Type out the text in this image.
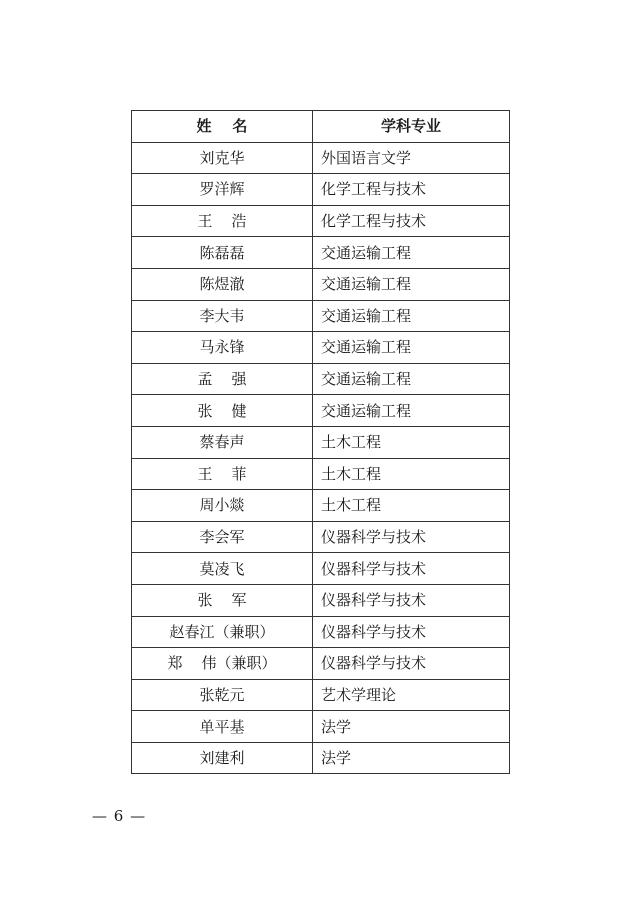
姓    名	学科专业
刘克华	外国语言文学
罗洋辉	化学工程与技术
王    浩	化学工程与技术
陈磊磊	交通运输工程
陈煜澈	交通运输工程
李大韦	交通运输工程
马永锋	交通运输工程
孟    强	交通运输工程
张    健	交通运输工程
蔡春声	土木工程
王    菲	土木工程
周小燚	土木工程
李会军	仪器科学与技术
莫凌飞	仪器科学与技术
张    军	仪器科学与技术
赵春江（兼职）	仪器科学与技术
郑    伟（兼职）	仪器科学与技术
张乾元	艺术学理论
单平基	法学
刘建利	法学
— 6 —
